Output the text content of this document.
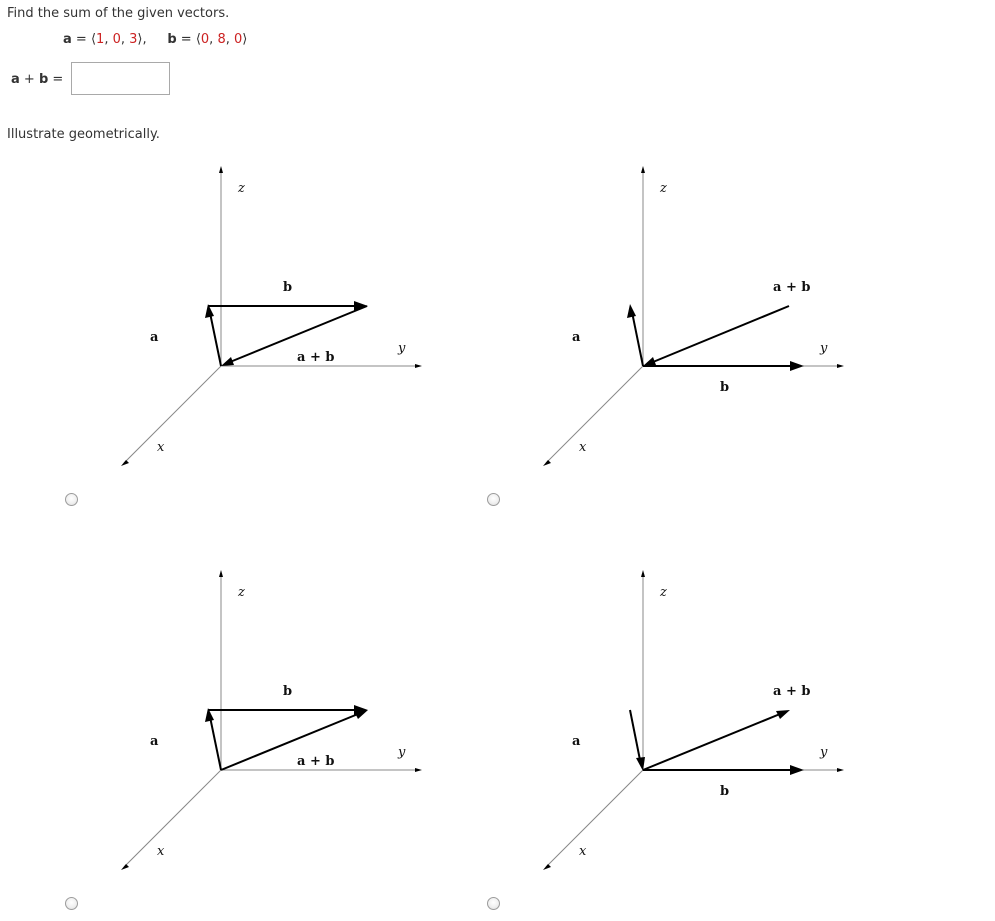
Find the sum of the given vectors.
a = ⟨1, 0, 3⟩, b = ⟨0, 8, 0⟩
a + b =
Illustrate geometrically.
z
y
x
a
b
a + b
z
y
x
a
b
a + b
z
y
x
a
b
a + b
z
y
x
a
b
a + b
